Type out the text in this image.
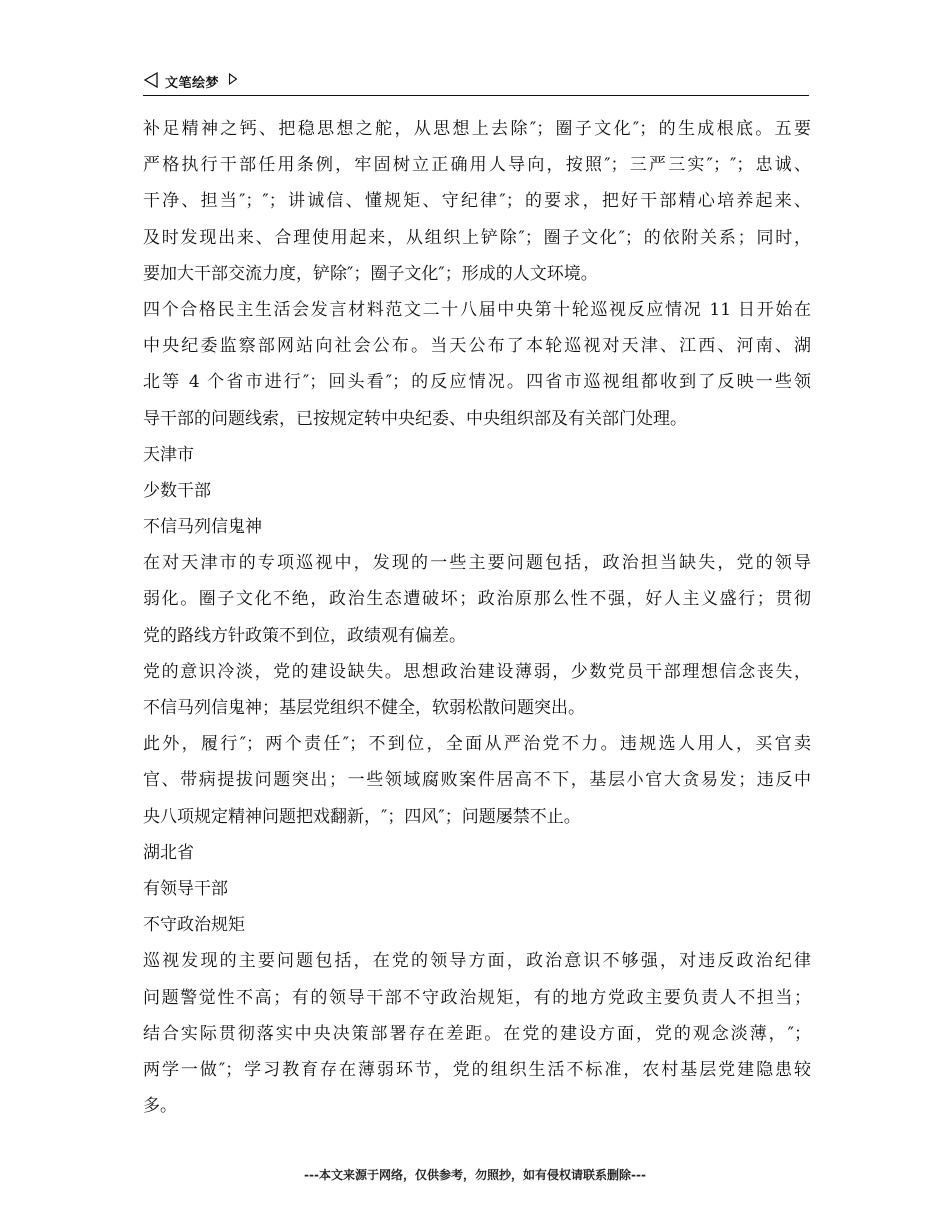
文笔绘梦
补足精神之钙、把稳思想之舵，从思想上去除″；圈子文化″；的生成根底。五要
严格执行干部任用条例，牢固树立正确用人导向，按照″；三严三实″；″；忠诚、
干净、担当″；″；讲诚信、懂规矩、守纪律″；的要求，把好干部精心培养起来、
及时发现出来、合理使用起来，从组织上铲除″；圈子文化″；的依附关系；同时，
要加大干部交流力度，铲除″；圈子文化″；形成的人文环境。
四个合格民主生活会发言材料范文二十八届中央第十轮巡视反应情况 11 日开始在
中央纪委监察部网站向社会公布。当天公布了本轮巡视对天津、江西、河南、湖
北等 4 个省市进行″；回头看″；的反应情况。四省市巡视组都收到了反映一些领
导干部的问题线索，已按规定转中央纪委、中央组织部及有关部门处理。
天津市
少数干部
不信马列信鬼神
在对天津市的专项巡视中，发现的一些主要问题包括，政治担当缺失，党的领导
弱化。圈子文化不绝，政治生态遭破坏；政治原那么性不强，好人主义盛行；贯彻
党的路线方针政策不到位，政绩观有偏差。
党的意识冷淡，党的建设缺失。思想政治建设薄弱，少数党员干部理想信念丧失，
不信马列信鬼神；基层党组织不健全，软弱松散问题突出。
此外，履行″；两个责任″；不到位，全面从严治党不力。违规选人用人，买官卖
官、带病提拔问题突出；一些领域腐败案件居高不下，基层小官大贪易发；违反中
央八项规定精神问题把戏翻新，″；四风″；问题屡禁不止。
湖北省
有领导干部
不守政治规矩
巡视发现的主要问题包括，在党的领导方面，政治意识不够强，对违反政治纪律
问题警觉性不高；有的领导干部不守政治规矩，有的地方党政主要负责人不担当；
结合实际贯彻落实中央决策部署存在差距。在党的建设方面，党的观念淡薄，″；
两学一做″；学习教育存在薄弱环节，党的组织生活不标准，农村基层党建隐患较
多。
---本文来源于网络，仅供参考，勿照抄，如有侵权请联系删除---
